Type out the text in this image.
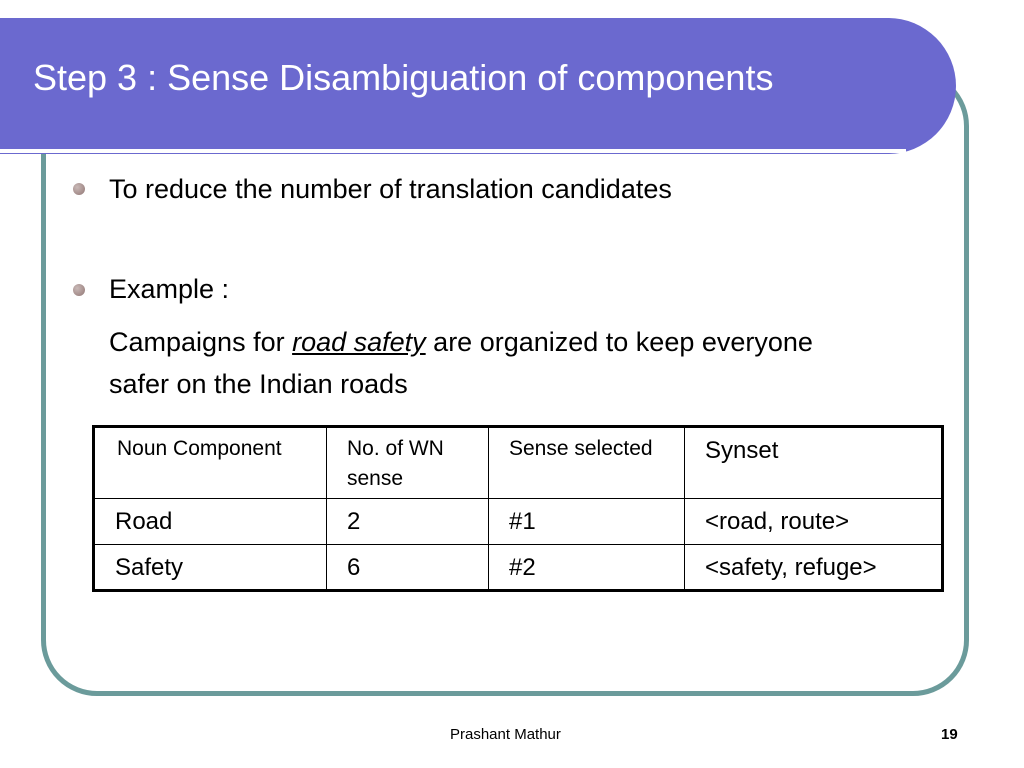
Step 3 : Sense Disambiguation of components
To reduce the number of translation candidates
Example :
Campaigns for road safety are organized to keep everyone safer on the Indian roads
Noun Component	No. of WN sense	Sense selected	Synset
Road	2	#1	<road, route>
Safety	6	#2	<safety, refuge>
Prashant Mathur	19
